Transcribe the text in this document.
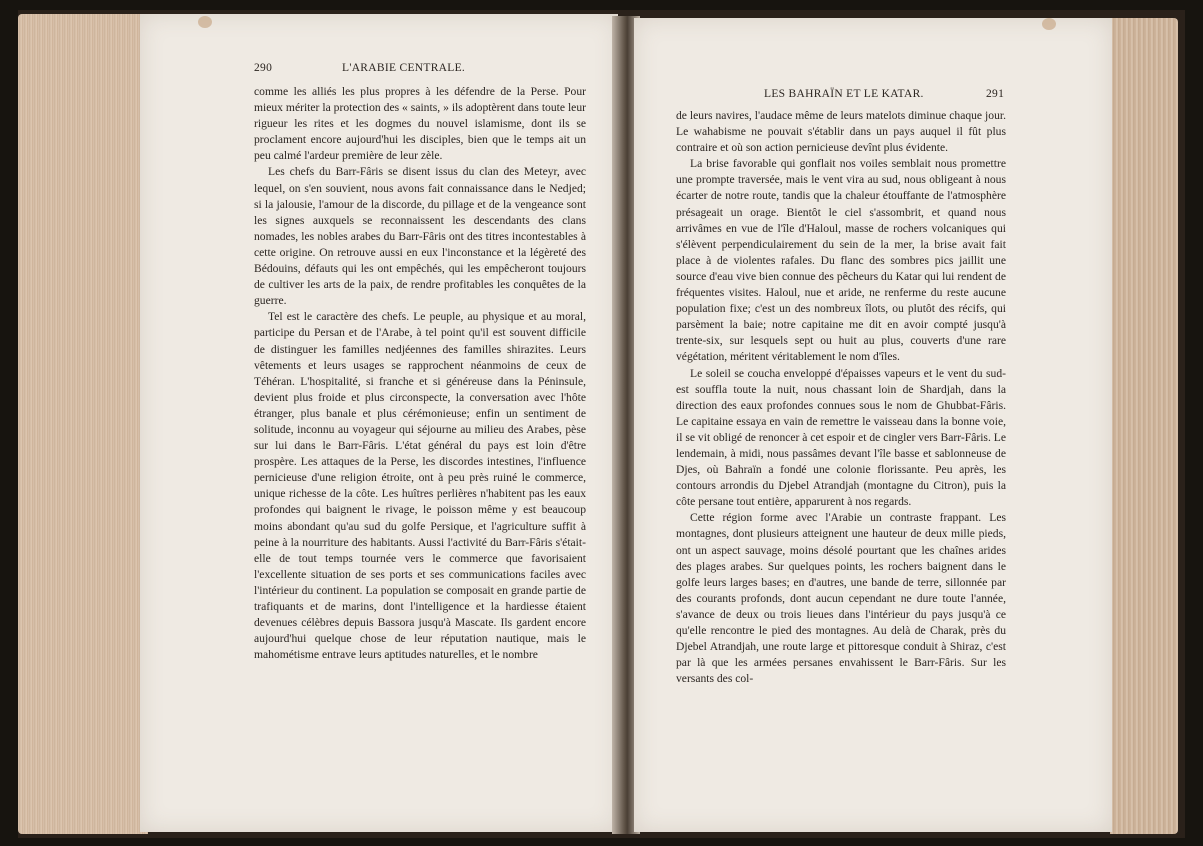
290	L'ARABIE CENTRALE.

comme les alliés les plus propres à les défendre de la Perse. Pour mieux mériter la protection des « saints, » ils adoptèrent dans toute leur rigueur les rites et les dogmes du nouvel islamisme, dont ils se proclament encore aujourd'hui les disciples, bien que le temps ait un peu calmé l'ardeur première de leur zèle.

Les chefs du Barr-Fâris se disent issus du clan des Meteyr, avec lequel, on s'en souvient, nous avons fait connaissance dans le Nedjed; si la jalousie, l'amour de la discorde, du pillage et de la vengeance sont les signes auxquels se reconnaissent les descendants des clans nomades, les nobles arabes du Barr-Fâris ont des titres incontestables à cette origine. On retrouve aussi en eux l'inconstance et la légèreté des Bédouins, défauts qui les ont empêchés, qui les empêcheront toujours de cultiver les arts de la paix, de rendre profitables les conquêtes de la guerre.

Tel est le caractère des chefs. Le peuple, au physique et au moral, participe du Persan et de l'Arabe, à tel point qu'il est souvent difficile de distinguer les familles nedjéennes des familles shirazites. Leurs vêtements et leurs usages se rapprochent néanmoins de ceux de Téhéran. L'hospitalité, si franche et si généreuse dans la Péninsule, devient plus froide et plus circonspecte, la conversation avec l'hôte étranger, plus banale et plus cérémonieuse; enfin un sentiment de solitude, inconnu au voyageur qui séjourne au milieu des Arabes, pèse sur lui dans le Barr-Fâris. L'état général du pays est loin d'être prospère. Les attaques de la Perse, les discordes intestines, l'influence pernicieuse d'une religion étroite, ont à peu près ruiné le commerce, unique richesse de la côte. Les huîtres perlières n'habitent pas les eaux profondes qui baignent le rivage, le poisson même y est beaucoup moins abondant qu'au sud du golfe Persique, et l'agriculture suffit à peine à la nourriture des habitants. Aussi l'activité du Barr-Fâris s'était-elle de tout temps tournée vers le commerce que favorisaient l'excellente situation de ses ports et ses communications faciles avec l'intérieur du continent. La population se composait en grande partie de trafiquants et de marins, dont l'intelligence et la hardiesse étaient devenues célèbres depuis Bassora jusqu'à Mascate. Ils gardent encore aujourd'hui quelque chose de leur réputation nautique, mais le mahométisme entrave leurs aptitudes naturelles, et le nombre

LES BAHRAÏN ET LE KATAR.	291

de leurs navires, l'audace même de leurs matelots diminue chaque jour. Le wahabisme ne pouvait s'établir dans un pays auquel il fût plus contraire et où son action pernicieuse devînt plus évidente.

La brise favorable qui gonflait nos voiles semblait nous promettre une prompte traversée, mais le vent vira au sud, nous obligeant à nous écarter de notre route, tandis que la chaleur étouffante de l'atmosphère présageait un orage. Bientôt le ciel s'assombrit, et quand nous arrivâmes en vue de l'île d'Haloul, masse de rochers volcaniques qui s'élèvent perpendiculairement du sein de la mer, la brise avait fait place à de violentes rafales. Du flanc des sombres pics jaillit une source d'eau vive bien connue des pêcheurs du Katar qui lui rendent de fréquentes visites. Haloul, nue et aride, ne renferme du reste aucune population fixe; c'est un des nombreux îlots, ou plutôt des récifs, qui parsèment la baie; notre capitaine me dit en avoir compté jusqu'à trente-six, sur lesquels sept ou huit au plus, couverts d'une rare végétation, méritent véritablement le nom d'îles.

Le soleil se coucha enveloppé d'épaisses vapeurs et le vent du sud-est souffla toute la nuit, nous chassant loin de Shardjah, dans la direction des eaux profondes connues sous le nom de Ghubbat-Fâris. Le capitaine essaya en vain de remettre le vaisseau dans la bonne voie, il se vit obligé de renoncer à cet espoir et de cingler vers Barr-Fâris. Le lendemain, à midi, nous passâmes devant l'île basse et sablonneuse de Djes, où Bahraïn a fondé une colonie florissante. Peu après, les contours arrondis du Djebel Atrandjah (montagne du Citron), puis la côte persane tout entière, apparurent à nos regards.

Cette région forme avec l'Arabie un contraste frappant. Les montagnes, dont plusieurs atteignent une hauteur de deux mille pieds, ont un aspect sauvage, moins désolé pourtant que les chaînes arides des plages arabes. Sur quelques points, les rochers baignent dans le golfe leurs larges bases; en d'autres, une bande de terre, sillonnée par des courants profonds, dont aucun cependant ne dure toute l'année, s'avance de deux ou trois lieues dans l'intérieur du pays jusqu'à ce qu'elle rencontre le pied des montagnes. Au delà de Charak, près du Djebel Atrandjah, une route large et pittoresque conduit à Shiraz, c'est par là que les armées persanes envahissent le Barr-Fâris. Sur les versants des col-
